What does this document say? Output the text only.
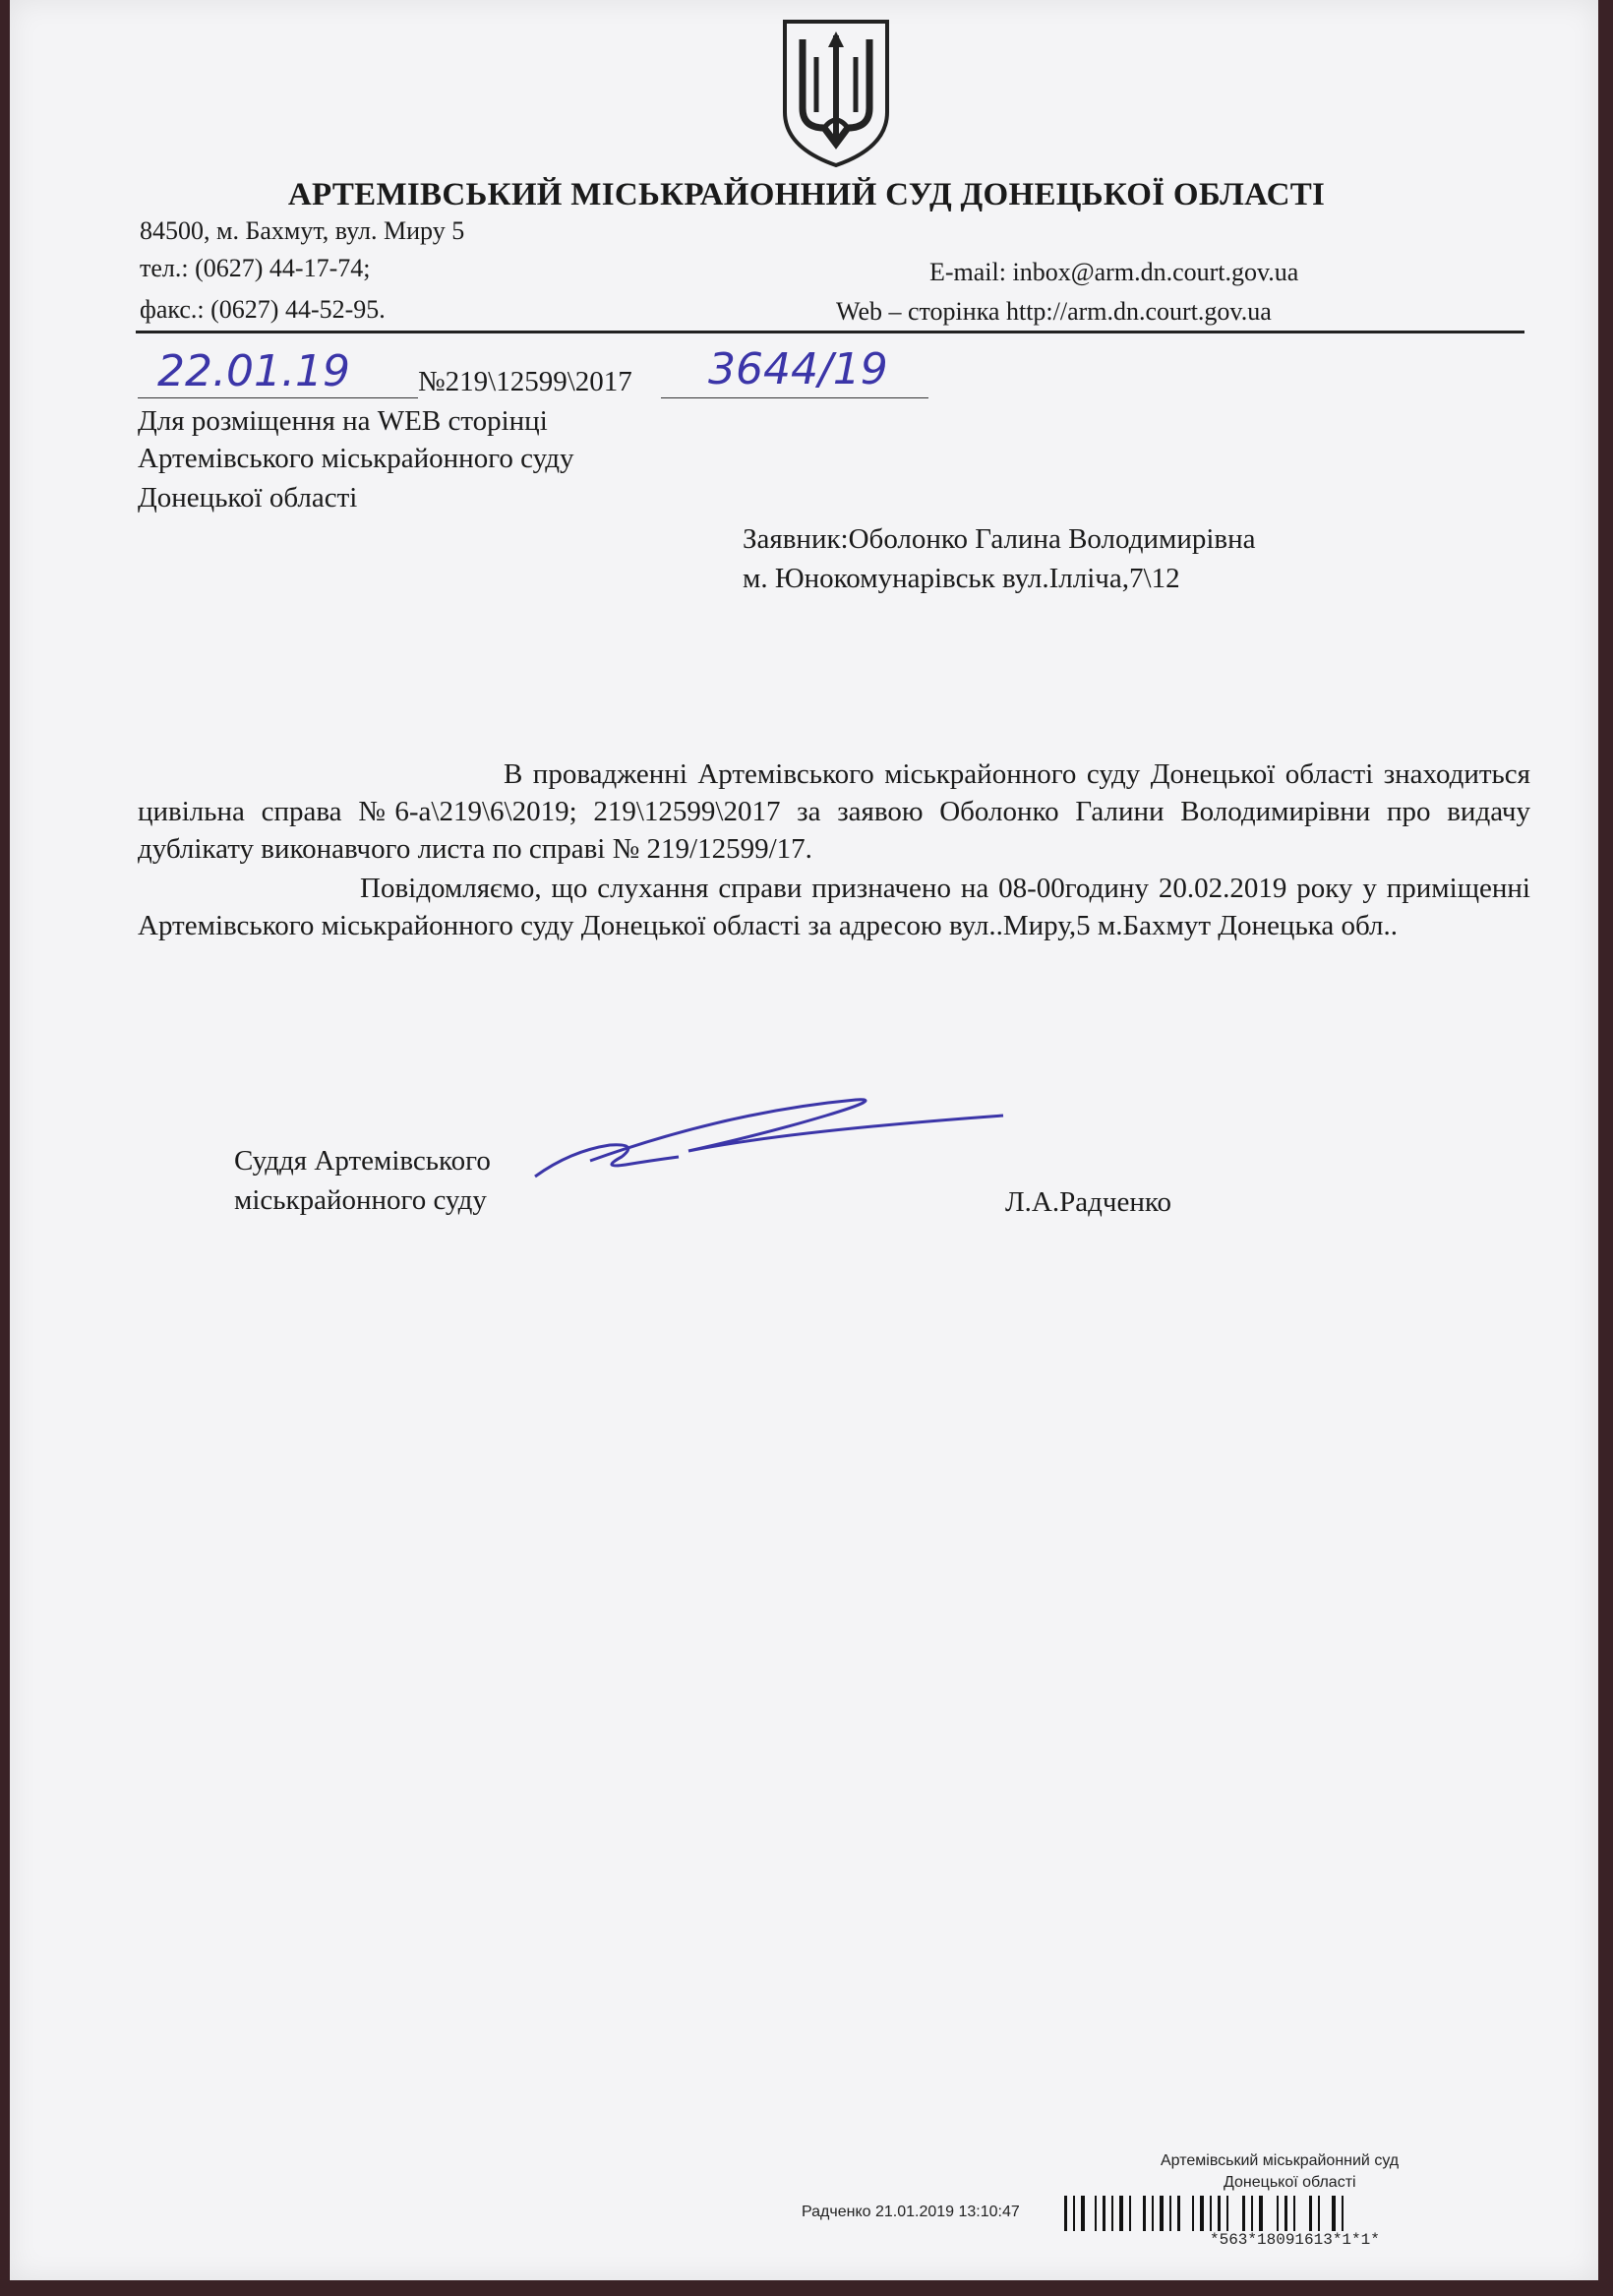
АРТЕМІВСЬКИЙ МІСЬКРАЙОННИЙ СУД ДОНЕЦЬКОЇ ОБЛАСТІ
84500, м. Бахмут, вул. Миру 5
тел.: (0627) 44-17-74;
факс.: (0627) 44-52-95.
E-mail: inbox@arm.dn.court.gov.ua
Web – сторінка http://arm.dn.court.gov.ua
22.01.19 №219\12599\2017 3644/19
Для розміщення на WEB сторінці
Артемівського міськрайонного суду
Донецької області
Заявник:Оболонко Галина Володимирівна
м. Юнокомунарівськ вул.Ілліча,7\12
В провадженні Артемівського міськрайонного суду Донецької області знаходиться цивільна справа №6-а\219\6\2019; 219\12599\2017 за заявою Оболонко Галини Володимирівни про видачу дублікату виконавчого листа по справі № 219/12599/17.
Повідомляємо, що слухання справи призначено на 08-00годину 20.02.2019 року у приміщенні Артемівського міськрайонного суду Донецької області за адресою вул..Миру,5 м.Бахмут Донецька обл..
Суддя Артемівського
міськрайонного суду	Л.А.Радченко
Артемівський міськрайонний суд
Донецької області
Радченко 21.01.2019 13:10:47
*563*18091613*1*1*
